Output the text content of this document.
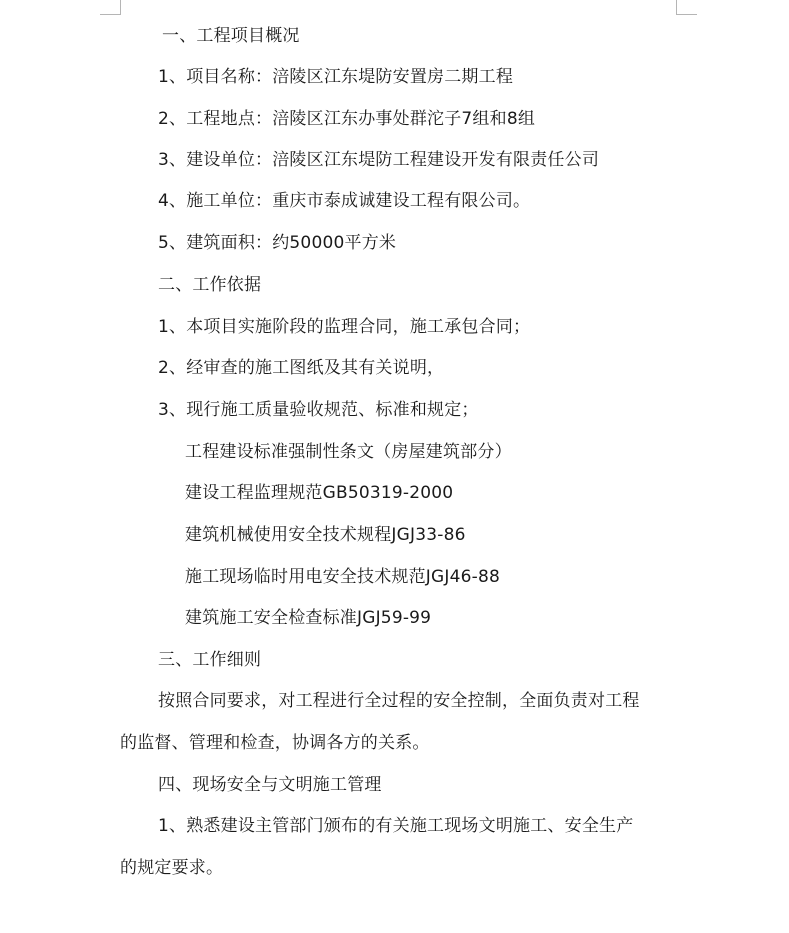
一、工程项目概况
1、项目名称：涪陵区江东堤防安置房二期工程
2、工程地点：涪陵区江东办事处群沱子7组和8组
3、建设单位：涪陵区江东堤防工程建设开发有限责任公司
4、施工单位：重庆市泰成诚建设工程有限公司。
5、建筑面积：约50000平方米
二、工作依据
1、本项目实施阶段的监理合同，施工承包合同；
2、经审查的施工图纸及其有关说明，
3、现行施工质量验收规范、标准和规定；
工程建设标准强制性条文（房屋建筑部分）
建设工程监理规范GB50319-2000
建筑机械使用安全技术规程JGJ33-86
施工现场临时用电安全技术规范JGJ46-88
建筑施工安全检查标准JGJ59-99
三、工作细则
按照合同要求，对工程进行全过程的安全控制，全面负责对工程
的监督、管理和检查，协调各方的关系。
四、现场安全与文明施工管理
1、熟悉建设主管部门颁布的有关施工现场文明施工、安全生产
的规定要求。
